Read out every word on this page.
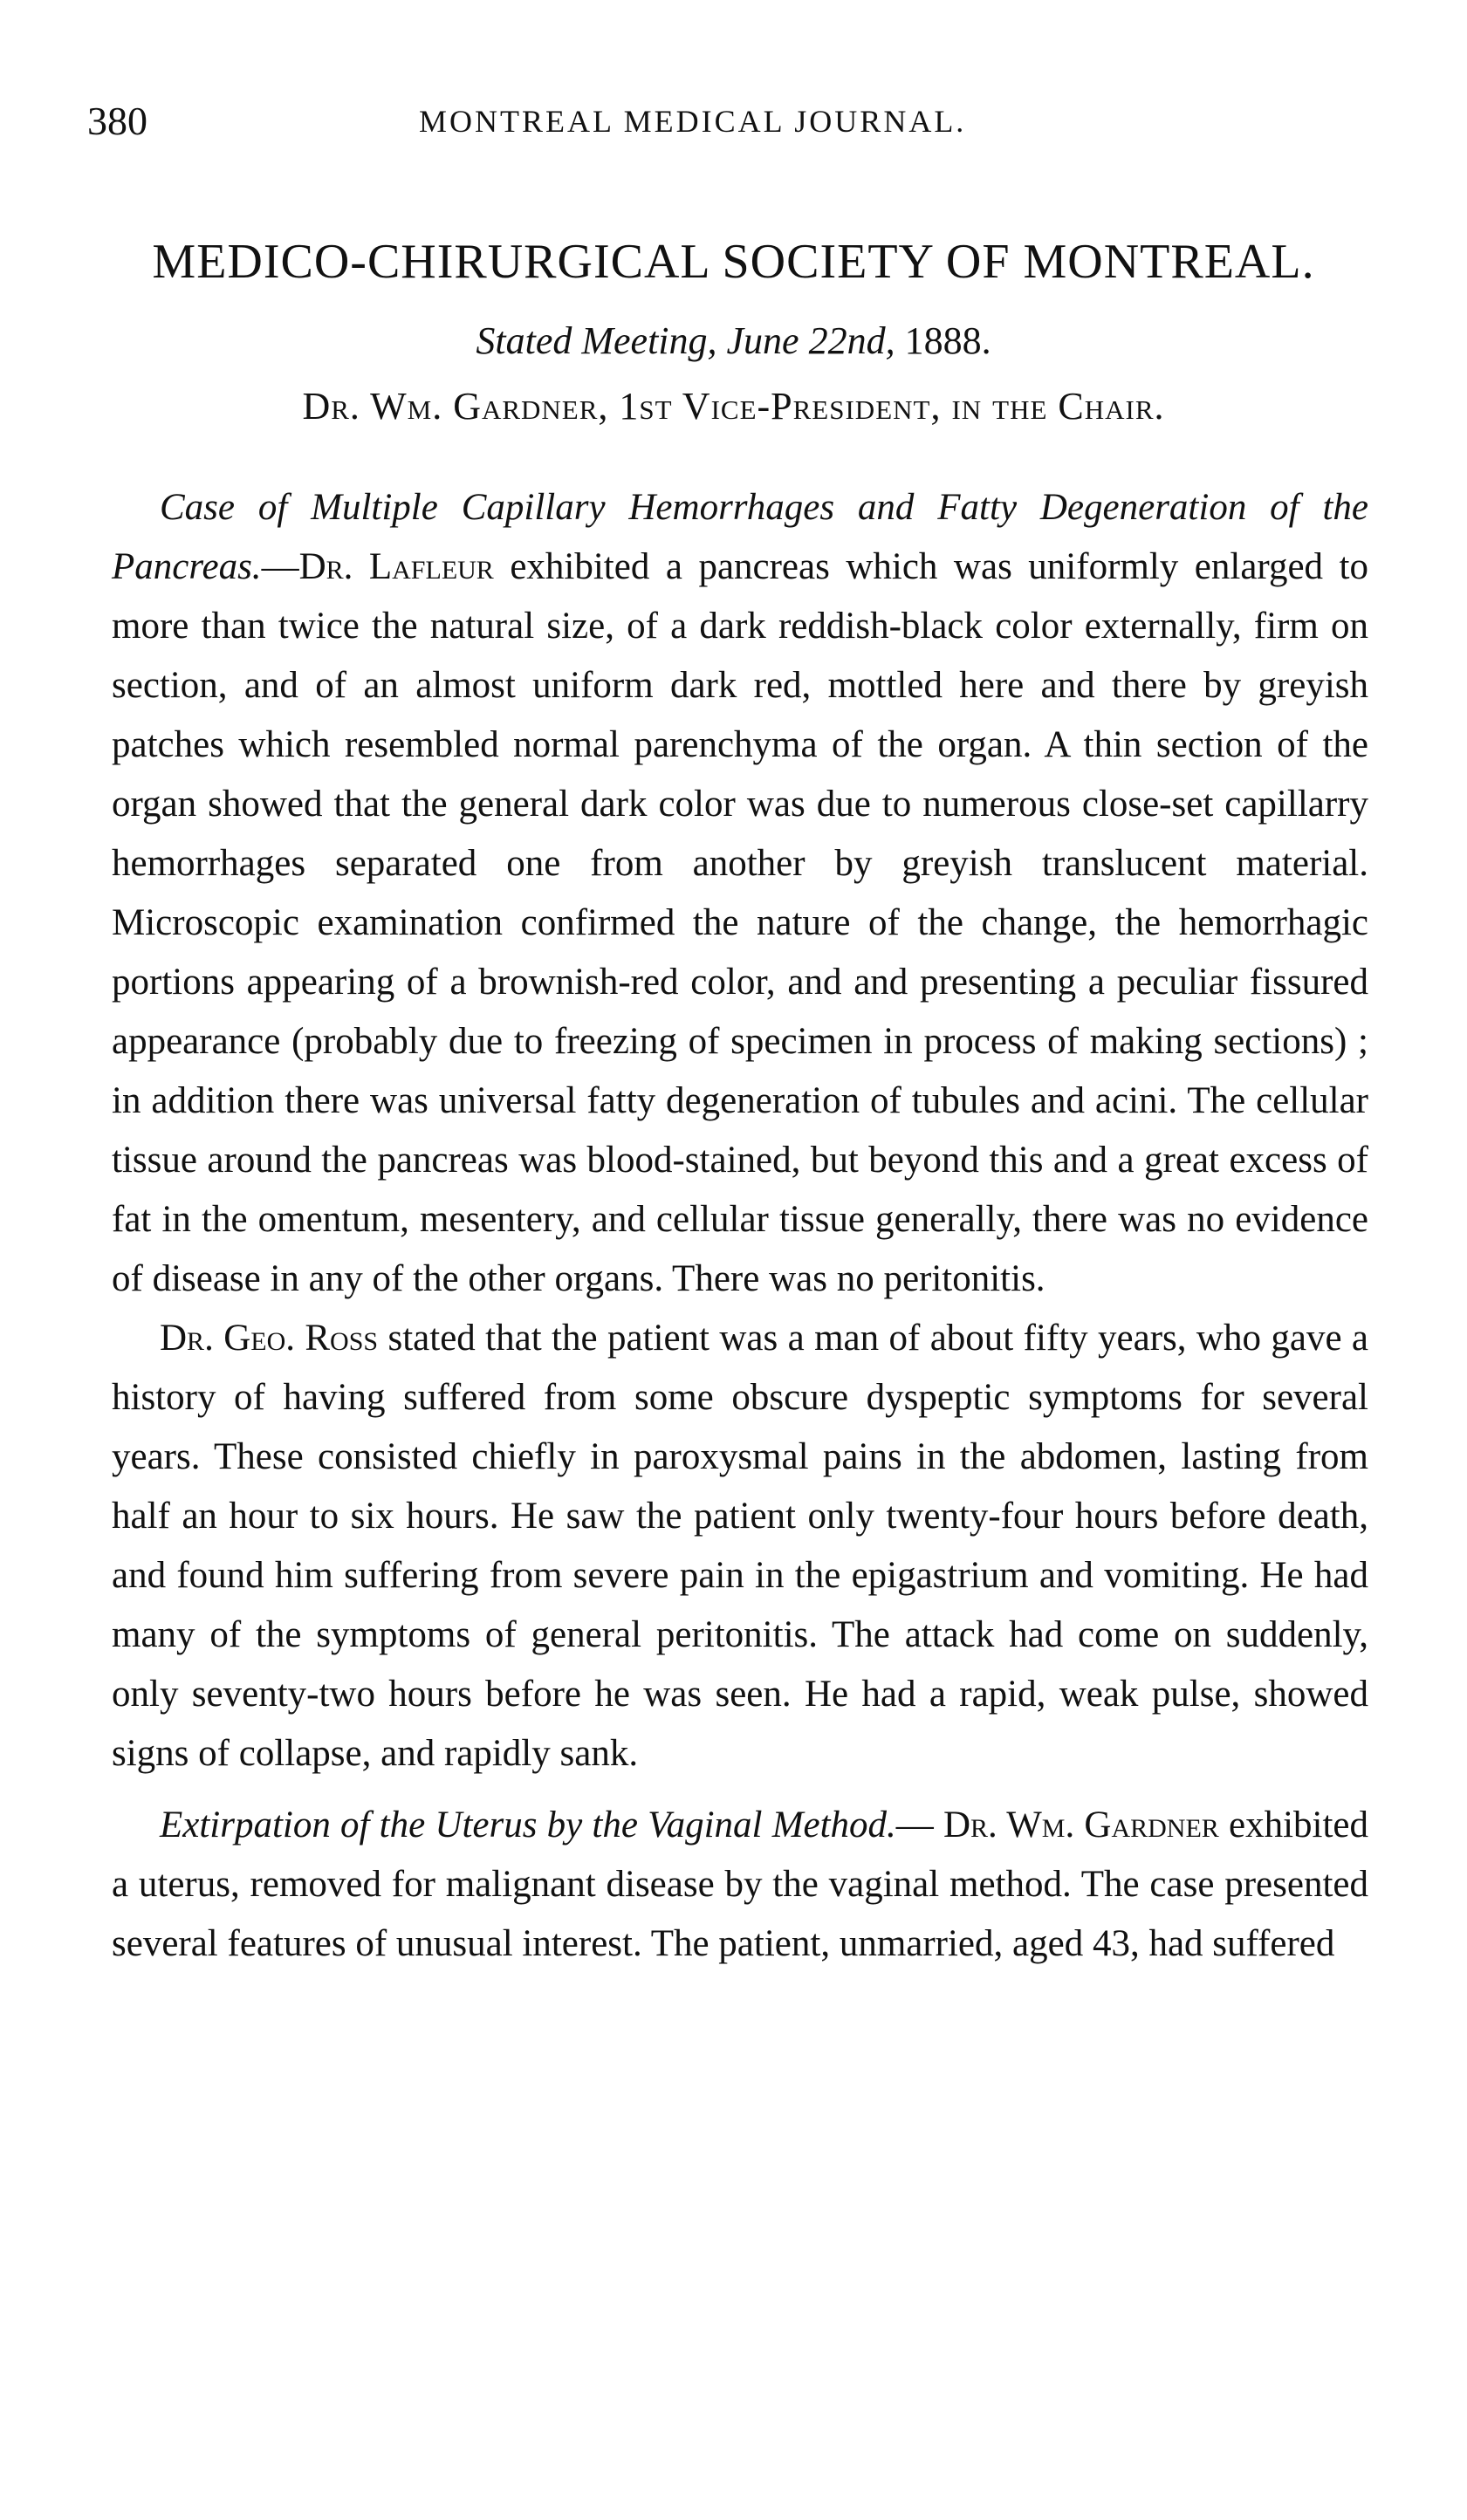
380	MONTREAL MEDICAL JOURNAL.
MEDICO-CHIRURGICAL SOCIETY OF MONTREAL.
Stated Meeting, June 22nd, 1888.
Dr. Wm. Gardner, 1st Vice-President, in the Chair.

Case of Multiple Capillary Hemorrhages and Fatty Degeneration of the Pancreas.—Dr. Lafleur exhibited a pancreas which was uniformly enlarged to more than twice the natural size, of a dark reddish-black color externally, firm on section, and of an almost uniform dark red, mottled here and there by greyish patches which resembled normal parenchyma of the organ. A thin section of the organ showed that the general dark color was due to numerous close-set capillarry hemorrhages separated one from another by greyish translucent material. Microscopic examination confirmed the nature of the change, the hemorrhagic portions appearing of a brownish-red color, and and presenting a peculiar fissured appearance (probably due to freezing of specimen in process of making sections) ; in addition there was universal fatty degeneration of tubules and acini. The cellular tissue around the pancreas was blood-stained, but beyond this and a great excess of fat in the omentum, mesentery, and cellular tissue generally, there was no evidence of disease in any of the other organs. There was no peritonitis.

Dr. Geo. Ross stated that the patient was a man of about fifty years, who gave a history of having suffered from some obscure dyspeptic symptoms for several years. These consisted chiefly in paroxysmal pains in the abdomen, lasting from half an hour to six hours. He saw the patient only twenty-four hours before death, and found him suffering from severe pain in the epigastrium and vomiting. He had many of the symptoms of general peritonitis. The attack had come on suddenly, only seventy-two hours before he was seen. He had a rapid, weak pulse, showed signs of collapse, and rapidly sank.

Extirpation of the Uterus by the Vaginal Method.— Dr. Wm. Gardner exhibited a uterus, removed for malignant disease by the vaginal method. The case presented several features of unusual interest. The patient, unmarried, aged 43, had suffered
